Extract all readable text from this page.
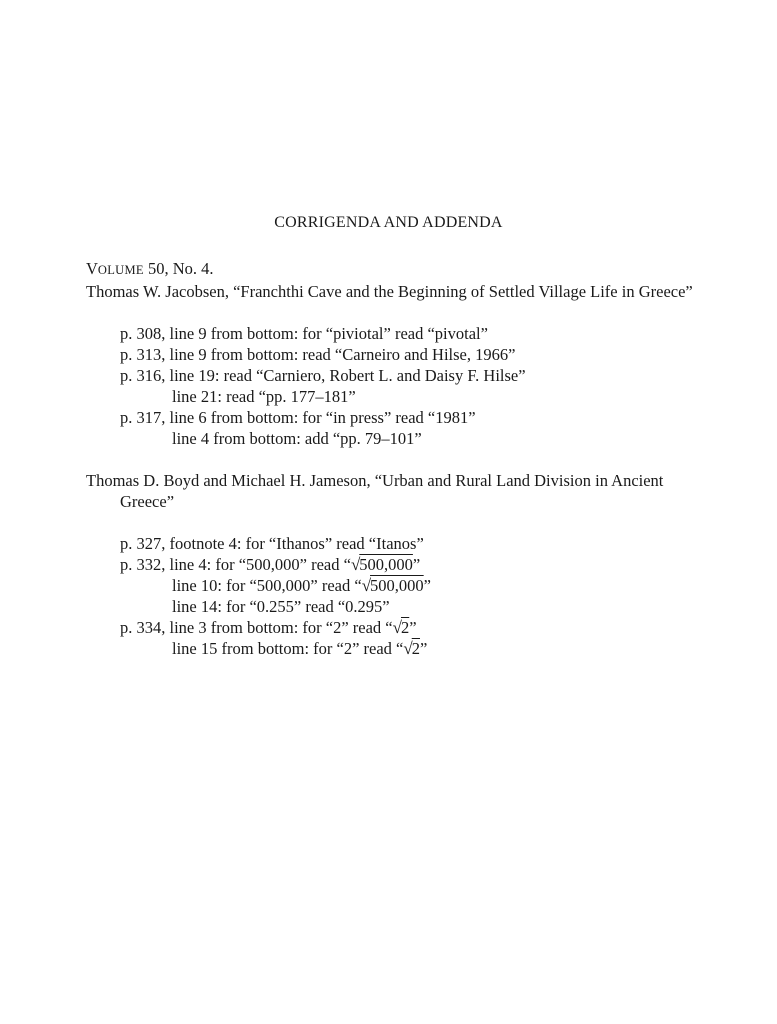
CORRIGENDA AND ADDENDA

VOLUME 50, No. 4.

Thomas W. Jacobsen, “Franchthi Cave and the Beginning of Settled Village Life in Greece”

p. 308, line 9 from bottom: for “piviotal” read “pivotal”
p. 313, line 9 from bottom: read “Carneiro and Hilse, 1966”
p. 316, line 19: read “Carniero, Robert L. and Daisy F. Hilse”
line 21: read “pp. 177–181”
p. 317, line 6 from bottom: for “in press” read “1981”
line 4 from bottom: add “pp. 79–101”

Thomas D. Boyd and Michael H. Jameson, “Urban and Rural Land Division in Ancient Greece”

p. 327, footnote 4: for “Ithanos” read “Itanos”
p. 332, line 4: for “500,000” read “√500,000”
line 10: for “500,000” read “√500,000”
line 14: for “0.255” read “0.295”
p. 334, line 3 from bottom: for “2” read “√2”
line 15 from bottom: for “2” read “√2”
